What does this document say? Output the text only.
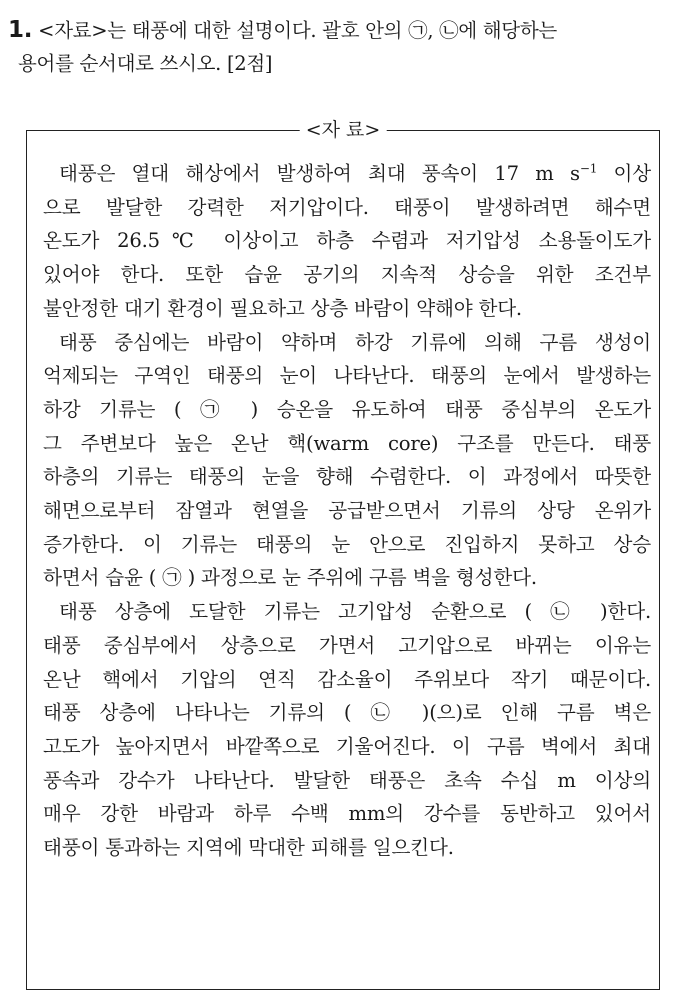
1. <자료>는 태풍에 대한 설명이다. 괄호 안의 ㉠, ㉡에 해당하는
용어를 순서대로 쓰시오. [2점]
<자 료>
태풍은 열대 해상에서 발생하여 최대 풍속이 17 m $s^{-1}$ 이상
으로 발달한 강력한 저기압이다. 태풍이 발생하려면 해수면
온도가 26.5℃ 이상이고 하층 수렴과 저기압성 소용돌이도가
있어야 한다. 또한 습윤 공기의 지속적 상승을 위한 조건부
불안정한 대기 환경이 필요하고 상층 바람이 약해야 한다.
태풍 중심에는 바람이 약하며 하강 기류에 의해 구름 생성이
억제되는 구역인 태풍의 눈이 나타난다. 태풍의 눈에서 발생하는
하강 기류는 ( ㉠ ) 승온을 유도하여 태풍 중심부의 온도가
그 주변보다 높은 온난 핵(warm core) 구조를 만든다. 태풍
하층의 기류는 태풍의 눈을 향해 수렴한다. 이 과정에서 따뜻한
해면으로부터 잠열과 현열을 공급받으면서 기류의 상당 온위가
증가한다. 이 기류는 태풍의 눈 안으로 진입하지 못하고 상승
하면서 습윤 ( ㉠ ) 과정으로 눈 주위에 구름 벽을 형성한다.
태풍 상층에 도달한 기류는 고기압성 순환으로 ( ㉡ )한다.
태풍 중심부에서 상층으로 가면서 고기압으로 바뀌는 이유는
온난 핵에서 기압의 연직 감소율이 주위보다 작기 때문이다.
태풍 상층에 나타나는 기류의 ( ㉡ )(으)로 인해 구름 벽은
고도가 높아지면서 바깥쪽으로 기울어진다. 이 구름 벽에서 최대
풍속과 강수가 나타난다. 발달한 태풍은 초속 수십 m 이상의
매우 강한 바람과 하루 수백 mm의 강수를 동반하고 있어서
태풍이 통과하는 지역에 막대한 피해를 일으킨다.
